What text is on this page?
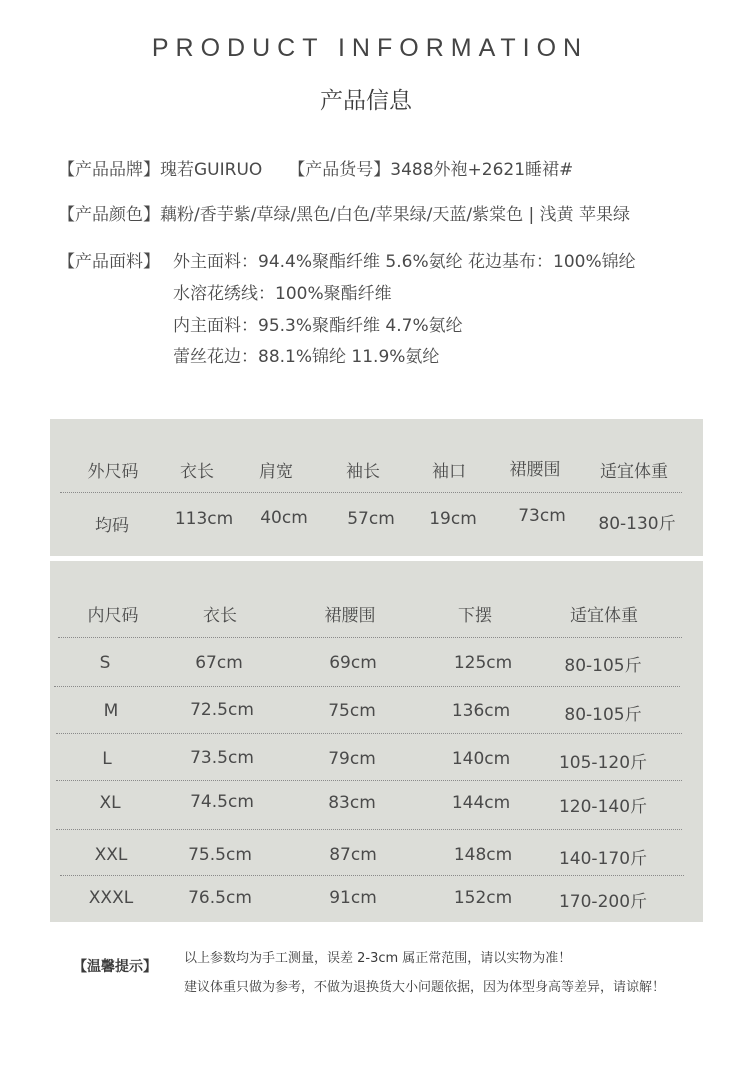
PRODUCT INFORMATION
产品信息
【产品品牌】瑰若GUIRUO 【产品货号】3488外袍+2621睡裙#
【产品颜色】藕粉/香芋紫/草绿/黑色/白色/苹果绿/天蓝/紫棠色 | 浅黄 苹果绿
【产品面料】 外主面料：94.4%聚酯纤维 5.6%氨纶 花边基布：100%锦纶
水溶花绣线：100%聚酯纤维
内主面料：95.3%聚酯纤维 4.7%氨纶
蕾丝花边：88.1%锦纶 11.9%氨纶
外尺码 衣长	肩宽	袖长	袖口	裙腰围 适宜体重
均码	113cm 40cm 57cm 19cm 73cm 80-130斤
内尺码	衣长	裙腰围	下摆	适宜体重
S	67cm	69cm	125cm	80-105斤
M	72.5cm	75cm	136cm	80-105斤
L	73.5cm	79cm	140cm	105-120斤
XL	74.5cm	83cm	144cm	120-140斤
XXL	75.5cm	87cm	148cm	140-170斤
XXXL	76.5cm	91cm	152cm	170-200斤
【温馨提示】
以上参数均为手工测量，误差 2-3cm 属正常范围，请以实物为准！
建议体重只做为参考，不做为退换货大小问题依据，因为体型身高等差异，请谅解！
